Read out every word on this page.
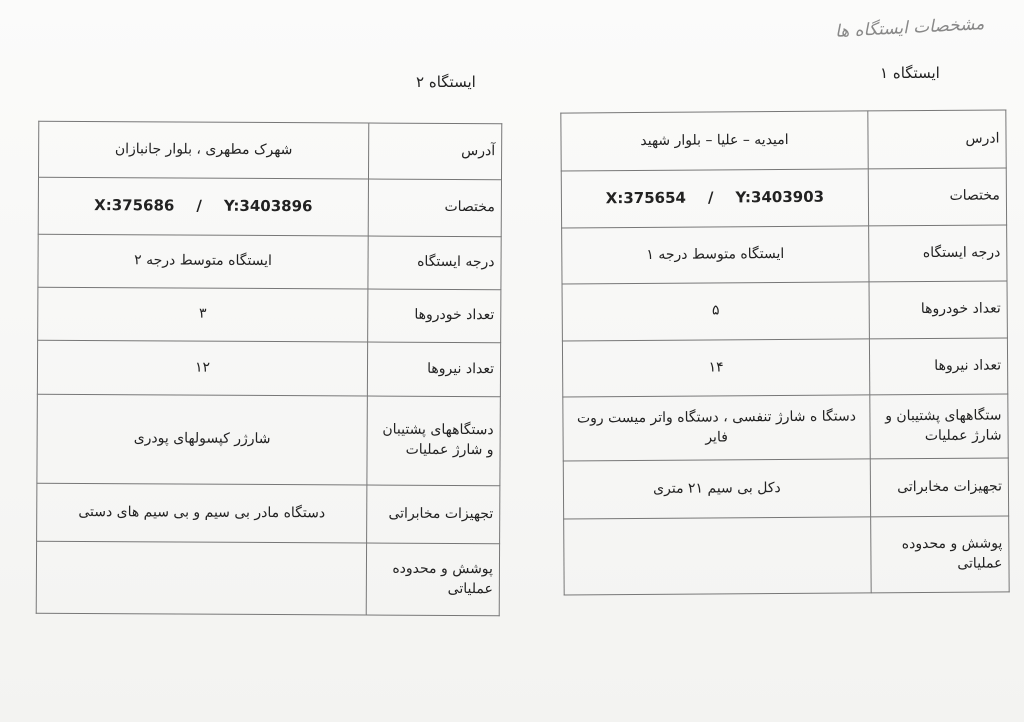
مشخصات ایستگاه ها
ایستگاه ۱
ایستگاه ۲
ادرس	امیدیه – علیا – بلوار شهید
مختصات	X:375654 / Y:3403903
درجه ایستگاه	ایستگاه متوسط درجه ۱
تعداد خودروها	۵
تعداد نیروها	۱۴
ستگاههای پشتیبان و شارژ عملیات	دستگا ه شارژ تنفسی ، دستگاه واتر میست روت فایر
تجهیزات مخابراتی	دکل بی سیم ۲۱ متری
پوشش و محدوده عملیاتی	
آدرس	شهرک مطهری ، بلوار جانبازان
مختصات	X:375686 / Y:3403896
درجه ایستگاه	ایستگاه متوسط درجه ۲
تعداد خودروها	۳
تعداد نیروها	۱۲
دستگاههای پشتیبان و شارژ عملیات	شارژر کپسولهای پودری
تجهیزات مخابراتی	دستگاه مادر بی سیم و بی سیم های دستی
پوشش و محدوده عملیاتی	
